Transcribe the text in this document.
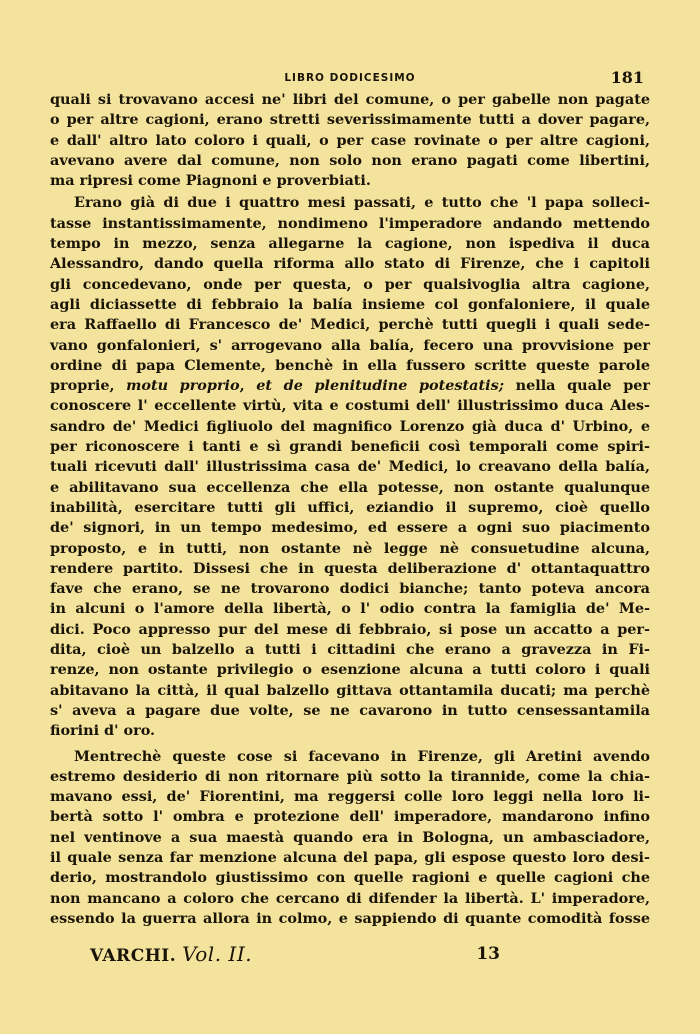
LIBRO DODICESIMO	181

quali si trovavano accesi ne' libri del comune, o per gabelle non pagate

o per altre cagioni, erano stretti severissimamente tutti a dover pagare,

e dall' altro lato coloro i quali, o per case rovinate o per altre cagioni,

avevano avere dal comune, non solo non erano pagati come libertini,

ma ripresi come Piagnoni e proverbiati.

Erano già di due i quattro mesi passati, e tutto che 'l papa solleci-

tasse instantissimamente, nondimeno l'imperadore andando mettendo

tempo in mezzo, senza allegarne la cagione, non ispediva il duca

Alessandro, dando quella riforma allo stato di Firenze, che i capitoli

gli concedevano, onde per questa, o per qualsivoglia altra cagione,

agli diciassette di febbraio la balía insieme col gonfaloniere, il quale

era Raffaello di Francesco de' Medici, perchè tutti quegli i quali sede-

vano gonfalonieri, s' arrogevano alla balía, fecero una provvisione per

ordine di papa Clemente, benchè in ella fussero scritte queste parole

proprie, motu proprio, et de plenitudine potestatis; nella quale per

conoscere l' eccellente virtù, vita e costumi dell' illustrissimo duca Ales-

sandro de' Medici figliuolo del magnifico Lorenzo già duca d' Urbino, e

per riconoscere i tanti e sì grandi beneficii così temporali come spiri-

tuali ricevuti dall' illustrissima casa de' Medici, lo creavano della balía,

e abilitavano sua eccellenza che ella potesse, non ostante qualunque

inabilità, esercitare tutti gli uffici, eziandio il supremo, cioè quello

de' signori, in un tempo medesimo, ed essere a ogni suo piacimento

proposto, e in tutti, non ostante nè legge nè consuetudine alcuna,

rendere partito. Dissesi che in questa deliberazione d' ottantaquattro

fave che erano, se ne trovarono dodici bianche; tanto poteva ancora

in alcuni o l'amore della libertà, o l' odio contra la famiglia de' Me-

dici. Poco appresso pur del mese di febbraio, si pose un accatto a per-

dita, cioè un balzello a tutti i cittadini che erano a gravezza in Fi-

renze, non ostante privilegio o esenzione alcuna a tutti coloro i quali

abitavano la città, il qual balzello gittava ottantamila ducati; ma perchè

s' aveva a pagare due volte, se ne cavarono in tutto censessantamila

fiorini d' oro.

Mentrechè queste cose si facevano in Firenze, gli Aretini avendo

estremo desiderio di non ritornare più sotto la tirannide, come la chia-

mavano essi, de' Fiorentini, ma reggersi colle loro leggi nella loro li-

bertà sotto l' ombra e protezione dell' imperadore, mandarono infino

nel ventinove a sua maestà quando era in Bologna, un ambasciadore,

il quale senza far menzione alcuna del papa, gli espose questo loro desi-

derio, mostrandolo giustissimo con quelle ragioni e quelle cagioni che

non mancano a coloro che cercano di difender la libertà. L' imperadore,

essendo la guerra allora in colmo, e sappiendo di quante comodità fosse

VARCHI. Vol. II.	13
